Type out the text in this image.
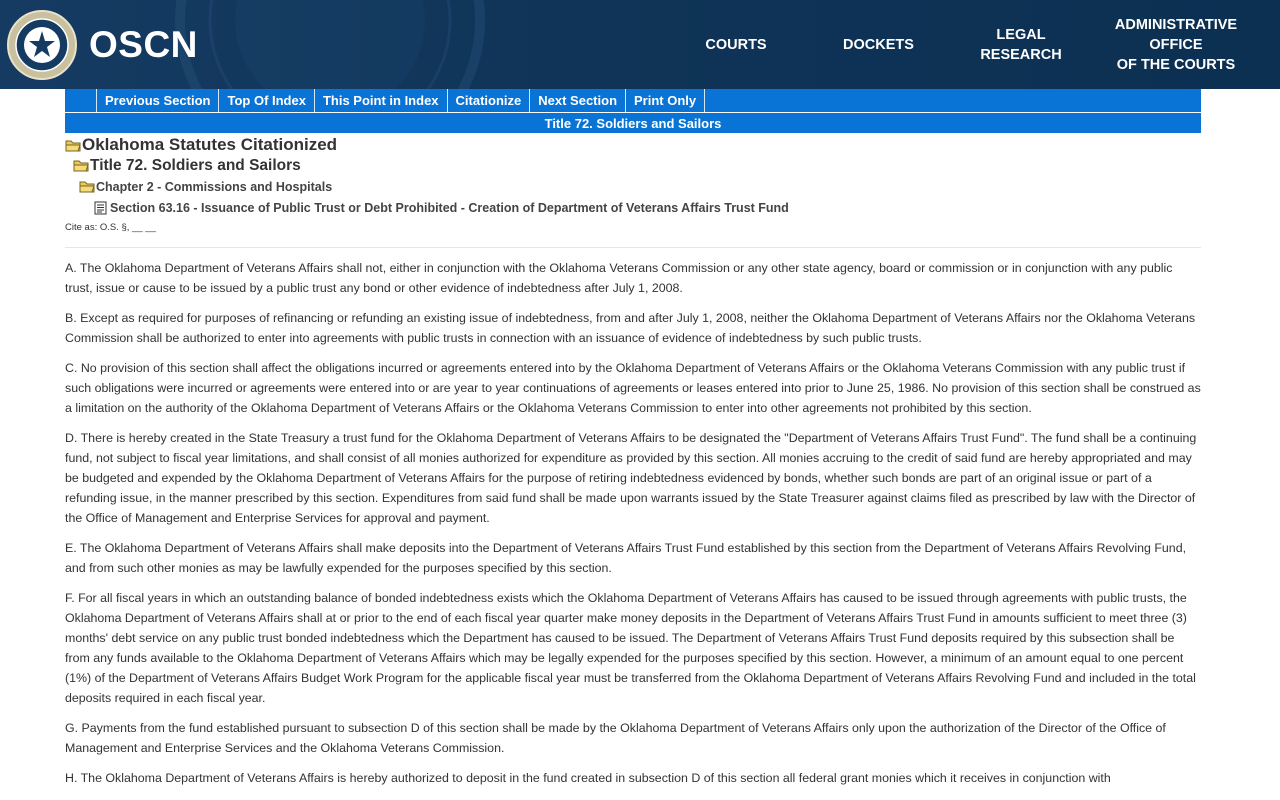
OSCN	COURTS	DOCKETS
LEGAL
RESEARCH
ADMINISTRATIVE OFFICE
OF THE COURTS
Previous Section	Top Of Index	This Point in Index	Citationize	Next Section	Print Only
Title 72. Soldiers and Sailors
Oklahoma Statutes Citationized
Title 72. Soldiers and Sailors
Chapter 2 - Commissions and Hospitals
Section 63.16 - Issuance of Public Trust or Debt Prohibited - Creation of Department of Veterans Affairs Trust Fund
Cite as: O.S. §, __ __

A. The Oklahoma Department of Veterans Affairs shall not, either in conjunction with the Oklahoma Veterans Commission or any other state agency, board or commission or in conjunction with any public trust, issue or cause to be issued by a public trust any bond or other evidence of indebtedness after July 1, 2008.

B. Except as required for purposes of refinancing or refunding an existing issue of indebtedness, from and after July 1, 2008, neither the Oklahoma Department of Veterans Affairs nor the Oklahoma Veterans Commission shall be authorized to enter into agreements with public trusts in connection with an issuance of evidence of indebtedness by such public trusts.

C. No provision of this section shall affect the obligations incurred or agreements entered into by the Oklahoma Department of Veterans Affairs or the Oklahoma Veterans Commission with any public trust if such obligations were incurred or agreements were entered into or are year to year continuations of agreements or leases entered into prior to June 25, 1986. No provision of this section shall be construed as a limitation on the authority of the Oklahoma Department of Veterans Affairs or the Oklahoma Veterans Commission to enter into other agreements not prohibited by this section.

D. There is hereby created in the State Treasury a trust fund for the Oklahoma Department of Veterans Affairs to be designated the "Department of Veterans Affairs Trust Fund". The fund shall be a continuing fund, not subject to fiscal year limitations, and shall consist of all monies authorized for expenditure as provided by this section. All monies accruing to the credit of said fund are hereby appropriated and may be budgeted and expended by the Oklahoma Department of Veterans Affairs for the purpose of retiring indebtedness evidenced by bonds, whether such bonds are part of an original issue or part of a refunding issue, in the manner prescribed by this section. Expenditures from said fund shall be made upon warrants issued by the State Treasurer against claims filed as prescribed by law with the Director of the Office of Management and Enterprise Services for approval and payment.

E. The Oklahoma Department of Veterans Affairs shall make deposits into the Department of Veterans Affairs Trust Fund established by this section from the Department of Veterans Affairs Revolving Fund, and from such other monies as may be lawfully expended for the purposes specified by this section.

F. For all fiscal years in which an outstanding balance of bonded indebtedness exists which the Oklahoma Department of Veterans Affairs has caused to be issued through agreements with public trusts, the Oklahoma Department of Veterans Affairs shall at or prior to the end of each fiscal year quarter make money deposits in the Department of Veterans Affairs Trust Fund in amounts sufficient to meet three (3) months' debt service on any public trust bonded indebtedness which the Department has caused to be issued. The Department of Veterans Affairs Trust Fund deposits required by this subsection shall be from any funds available to the Oklahoma Department of Veterans Affairs which may be legally expended for the purposes specified by this section. However, a minimum of an amount equal to one percent (1%) of the Department of Veterans Affairs Budget Work Program for the applicable fiscal year must be transferred from the Oklahoma Department of Veterans Affairs Revolving Fund and included in the total deposits required in each fiscal year.

G. Payments from the fund established pursuant to subsection D of this section shall be made by the Oklahoma Department of Veterans Affairs only upon the authorization of the Director of the Office of Management and Enterprise Services and the Oklahoma Veterans Commission.

H. The Oklahoma Department of Veterans Affairs is hereby authorized to deposit in the fund created in subsection D of this section all federal grant monies which it receives in conjunction with
